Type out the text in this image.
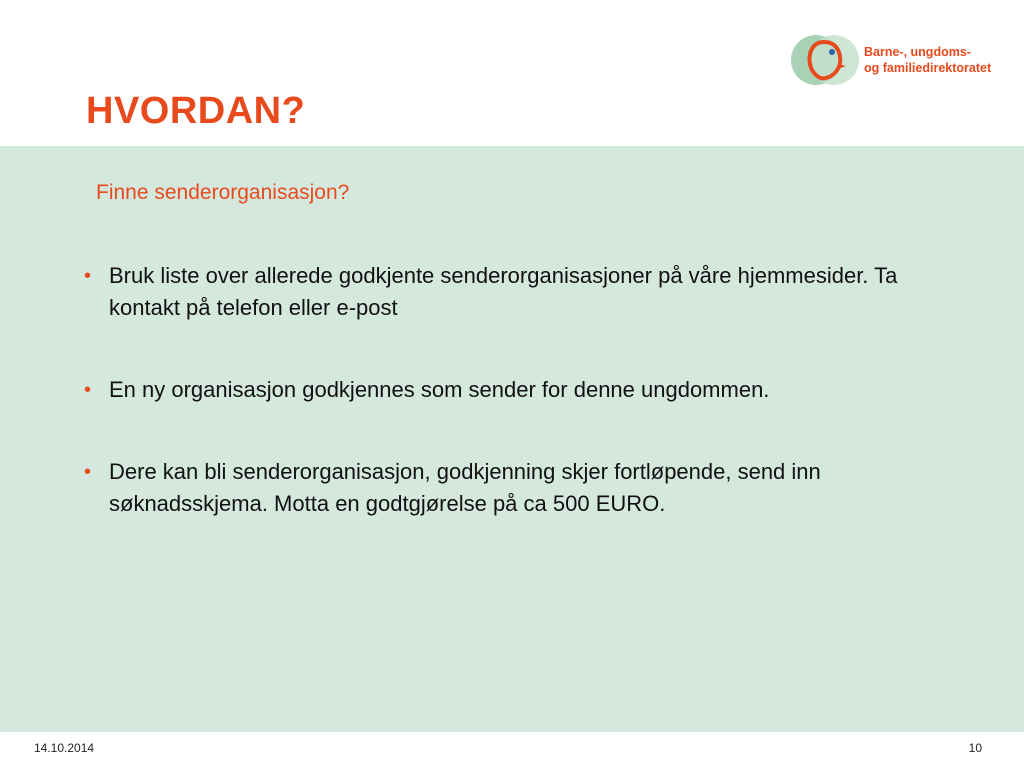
HVORDAN?
Barne-, ungdoms-
og familiedirektoratet

Finne senderorganisasjon?

• Bruk liste over allerede godkjente senderorganisasjoner på våre hjemmesider. Ta kontakt på telefon eller e-post
• En ny organisasjon godkjennes som sender for denne ungdommen.
• Dere kan bli senderorganisasjon, godkjenning skjer fortløpende, send inn søknadsskjema. Motta en godtgjørelse på ca 500 EURO.
14.10.2014	10
